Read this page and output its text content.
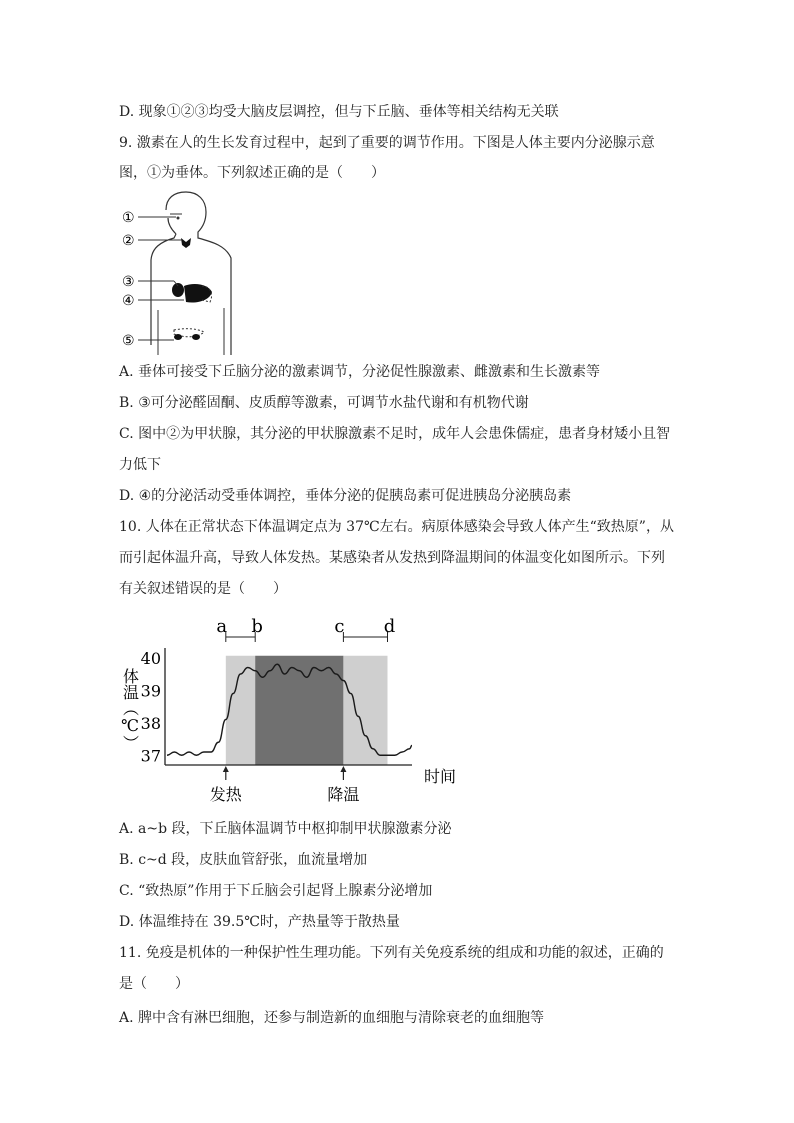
D. 现象①②③均受大脑皮层调控，但与下丘脑、垂体等相关结构无关联
9. 激素在人的生长发育过程中，起到了重要的调节作用。下图是人体主要内分泌腺示意
图，①为垂体。下列叙述正确的是（　　）
①
②
③
④
⑤
A. 垂体可接受下丘脑分泌的激素调节，分泌促性腺激素、雌激素和生长激素等
B. ③可分泌醛固酮、皮质醇等激素，可调节水盐代谢和有机物代谢
C. 图中②为甲状腺，其分泌的甲状腺激素不足时，成年人会患侏儒症，患者身材矮小且智
力低下
D. ④的分泌活动受垂体调控，垂体分泌的促胰岛素可促进胰岛分泌胰岛素
10. 人体在正常状态下体温调定点为 37℃左右。病原体感染会导致人体产生“致热原”，从
而引起体温升高，导致人体发热。某感染者从发热到降温期间的体温变化如图所示。下列
有关叙述错误的是（　　）
37
38
39
40
a b	c d
发热	降温
体温（℃）
时间
A. a~b 段，下丘脑体温调节中枢抑制甲状腺激素分泌
B. c~d 段，皮肤血管舒张，血流量增加
C. “致热原”作用于下丘脑会引起肾上腺素分泌增加
D. 体温维持在 39.5℃时，产热量等于散热量
11. 免疫是机体的一种保护性生理功能。下列有关免疫系统的组成和功能的叙述，正确的
是（　　）
A. 脾中含有淋巴细胞，还参与制造新的血细胞与清除衰老的血细胞等
